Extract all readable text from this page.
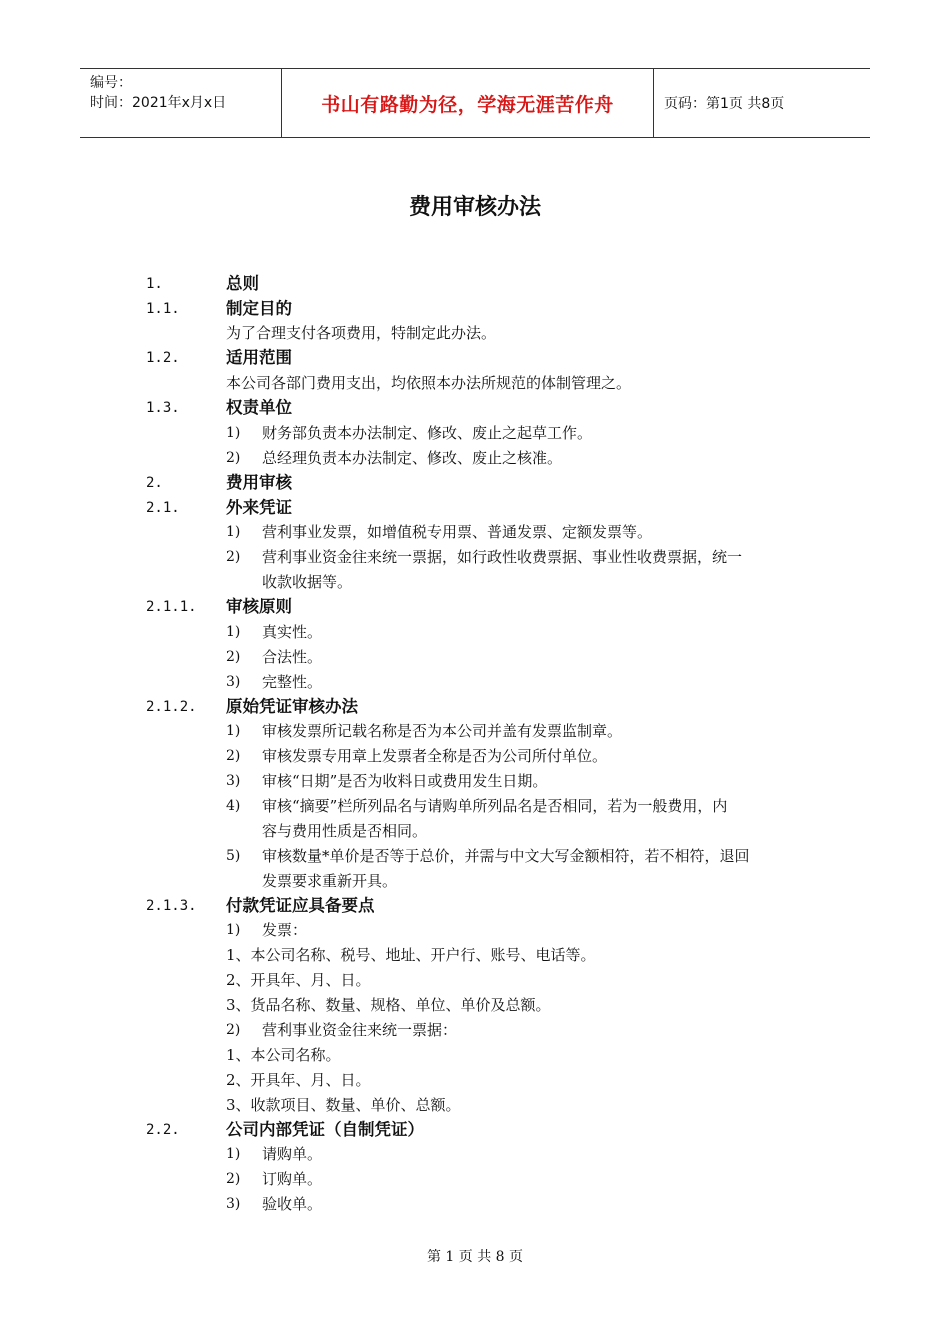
编号：
时间：2021年x月x日	书山有路勤为径，学海无涯苦作舟	页码：第1页 共8页
费用审核办法
1.	总则
1.1.	制定目的
为了合理支付各项费用，特制定此办法。
1.2.	适用范围
本公司各部门费用支出，均依照本办法所规范的体制管理之。
1.3.	权责单位
1) 财务部负责本办法制定、修改、废止之起草工作。
2) 总经理负责本办法制定、修改、废止之核准。
2.	费用审核
2.1.	外来凭证
1) 营利事业发票，如增值税专用票、普通发票、定额发票等。
2) 营利事业资金往来统一票据，如行政性收费票据、事业性收费票据，统一
收款收据等。
2.1.1. 审核原则
1) 真实性。
2) 合法性。
3) 完整性。
2.1.2. 原始凭证审核办法
1) 审核发票所记载名称是否为本公司并盖有发票监制章。
2) 审核发票专用章上发票者全称是否为公司所付单位。
3) 审核“日期”是否为收料日或费用发生日期。
4) 审核“摘要”栏所列品名与请购单所列品名是否相同，若为一般费用，内
容与费用性质是否相同。
5) 审核数量*单价是否等于总价，并需与中文大写金额相符，若不相符，退回
发票要求重新开具。
2.1.3. 付款凭证应具备要点
1) 发票：
1、本公司名称、税号、地址、开户行、账号、电话等。
2、开具年、月、日。
3、货品名称、数量、规格、单位、单价及总额。
2) 营利事业资金往来统一票据：
1、本公司名称。
2、开具年、月、日。
3、收款项目、数量、单价、总额。
2.2.	公司内部凭证（自制凭证）
1) 请购单。
2) 订购单。
3) 验收单。
第 1 页 共 8 页
